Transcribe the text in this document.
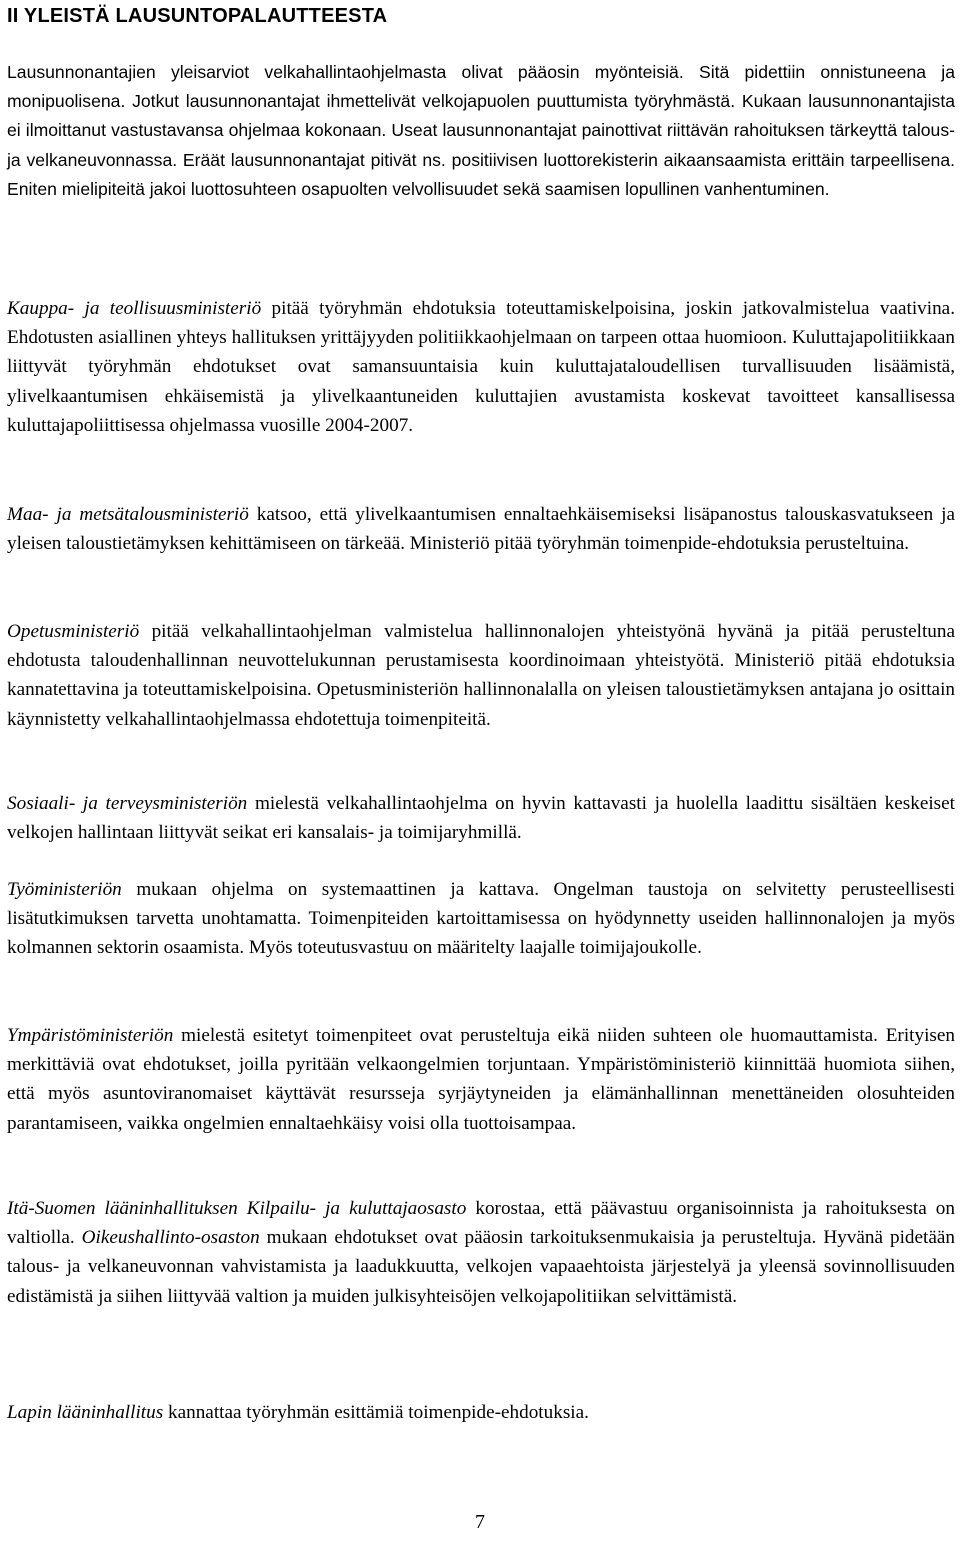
II YLEISTÄ LAUSUNTOPALAUTTEESTA

Lausunnonantajien yleisarviot velkahallintaohjelmasta olivat pääosin myönteisiä. Sitä pidettiin onnistuneena ja monipuolisena. Jotkut lausunnonantajat ihmettelivät velkojapuolen puuttumista työryhmästä. Kukaan lausunnonantajista ei ilmoittanut vastustavansa ohjelmaa kokonaan. Useat lausunnonantajat painottivat riittävän rahoituksen tärkeyttä talous- ja velkaneuvonnassa. Eräät lausunnonantajat pitivät ns. positiivisen luottorekisterin aikaansaamista erittäin tarpeellisena. Eniten mielipiteitä jakoi luottosuhteen osapuolten velvollisuudet sekä saamisen lopullinen vanhentuminen.

Kauppa- ja teollisuusministeriö pitää työryhmän ehdotuksia toteuttamiskelpoisina, joskin jatkovalmistelua vaativina. Ehdotusten asiallinen yhteys hallituksen yrittäjyyden politiikkaohjelmaan on tarpeen ottaa huomioon. Kuluttajapolitiikkaan liittyvät työryhmän ehdotukset ovat samansuuntaisia kuin kuluttajataloudellisen turvallisuuden lisäämistä, ylivelkaantumisen ehkäisemistä ja ylivelkaantuneiden kuluttajien avustamista koskevat tavoitteet kansallisessa kuluttajapoliittisessa ohjelmassa vuosille 2004-2007.

Maa- ja metsätalousministeriö katsoo, että ylivelkaantumisen ennaltaehkäisemiseksi lisäpanostus talouskasvatukseen ja yleisen taloustietämyksen kehittämiseen on tärkeää. Ministeriö pitää työryhmän toimenpide-ehdotuksia perusteltuina.

Opetusministeriö pitää velkahallintaohjelman valmistelua hallinnonalojen yhteistyönä hyvänä ja pitää perusteltuna ehdotusta taloudenhallinnan neuvottelukunnan perustamisesta koordinoimaan yhteistyötä. Ministeriö pitää ehdotuksia kannatettavina ja toteuttamiskelpoisina. Opetusministeriön hallinnonalalla on yleisen taloustietämyksen antajana jo osittain käynnistetty velkahallintaohjelmassa ehdotettuja toimenpiteitä.

Sosiaali- ja terveysministeriön mielestä velkahallintaohjelma on hyvin kattavasti ja huolella laadittu sisältäen keskeiset velkojen hallintaan liittyvät seikat eri kansalais- ja toimijaryhmillä.

Työministeriön mukaan ohjelma on systemaattinen ja kattava. Ongelman taustoja on selvitetty perusteellisesti lisätutkimuksen tarvetta unohtamatta. Toimenpiteiden kartoittamisessa on hyödynnetty useiden hallinnonalojen ja myös kolmannen sektorin osaamista. Myös toteutusvastuu on määritelty laajalle toimijajoukolle.

Ympäristöministeriön mielestä esitetyt toimenpiteet ovat perusteltuja eikä niiden suhteen ole huomauttamista. Erityisen merkittäviä ovat ehdotukset, joilla pyritään velkaongelmien torjuntaan. Ympäristöministeriö kiinnittää huomiota siihen, että myös asuntoviranomaiset käyttävät resursseja syrjäytyneiden ja elämänhallinnan menettäneiden olosuhteiden parantamiseen, vaikka ongelmien ennaltaehkäisy voisi olla tuottoisampaa.

Itä-Suomen lääninhallituksen Kilpailu- ja kuluttajaosasto korostaa, että päävastuu organisoinnista ja rahoituksesta on valtiolla. Oikeushallinto-osaston mukaan ehdotukset ovat pääosin tarkoituksenmukaisia ja perusteltuja. Hyvänä pidetään talous- ja velkaneuvonnan vahvistamista ja laadukkuutta, velkojen vapaaehtoista järjestelyä ja yleensä sovinnollisuuden edistämistä ja siihen liittyvää valtion ja muiden julkisyhteisöjen velkojapolitiikan selvittämistä.

Lapin lääninhallitus kannattaa työryhmän esittämiä toimenpide-ehdotuksia.

7
